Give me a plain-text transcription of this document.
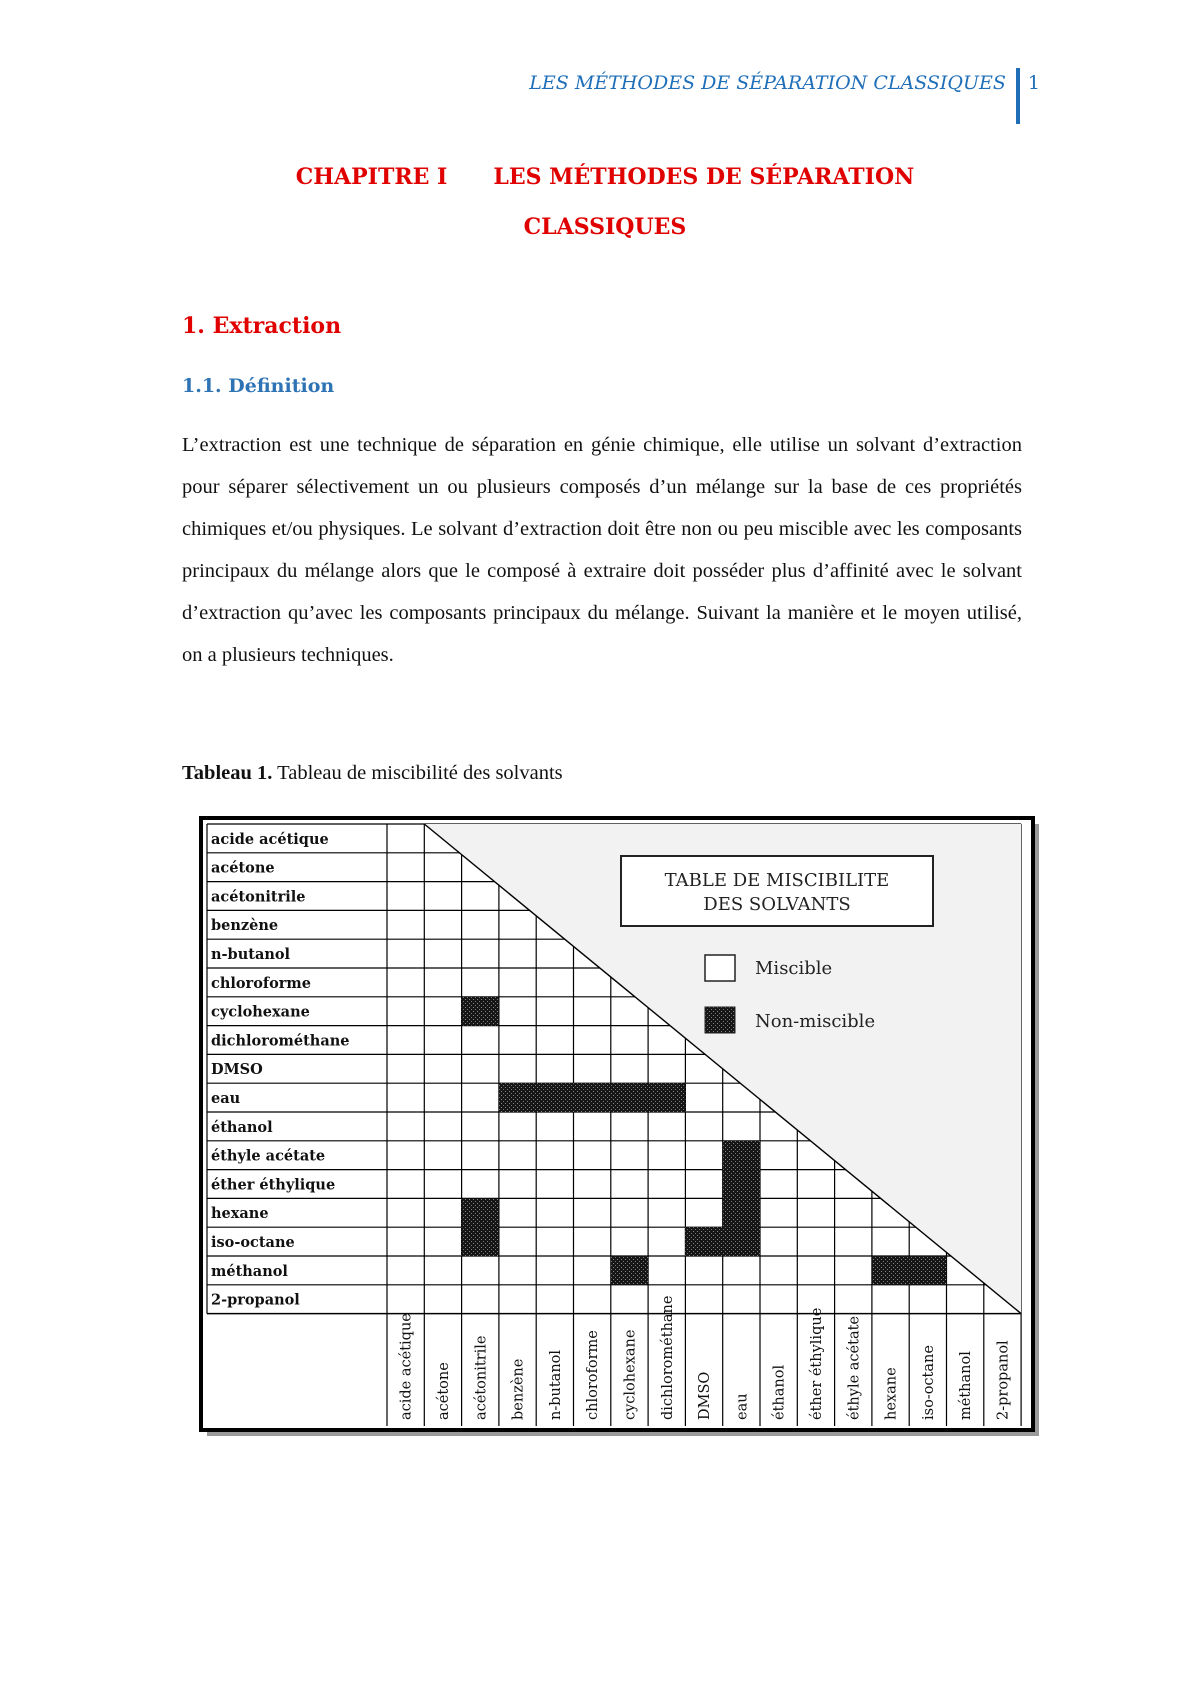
LES MÉTHODES DE SÉPARATION CLASSIQUES	1
CHAPITRE I LES MÉTHODES DE SÉPARATION
CLASSIQUES
1. Extraction
1.1. Définition

L’extraction est une technique de séparation en génie chimique, elle utilise un solvant d’extraction pour séparer sélectivement un ou plusieurs composés d’un mélange sur la base de ces propriétés chimiques et/ou physiques. Le solvant d’extraction doit être non ou peu miscible avec les composants principaux du mélange alors que le composé à extraire doit posséder plus d’affinité avec le solvant d’extraction qu’avec les composants principaux du mélange. Suivant la manière et le moyen utilisé, on a plusieurs techniques.

Tableau 1. Tableau de miscibilité des solvants
acide acétique
acétone
acétonitrile
benzène
n-butanol
chloroforme
cyclohexane
dichlorométhane
DMSO
eau
éthanol
éthyle acétate
éther éthylique
hexane
iso-octane
méthanol
2-propanol
acide acétique acétone acétonitrile benzène n-butanol chloroforme cyclohexane dichlorométhane DMSO eau éthanol éther éthylique éthyle acétate hexane iso-octane méthanol 2-propanol
TABLE DE MISCIBILITE
DES SOLVANTS
Miscible
Non-miscible
